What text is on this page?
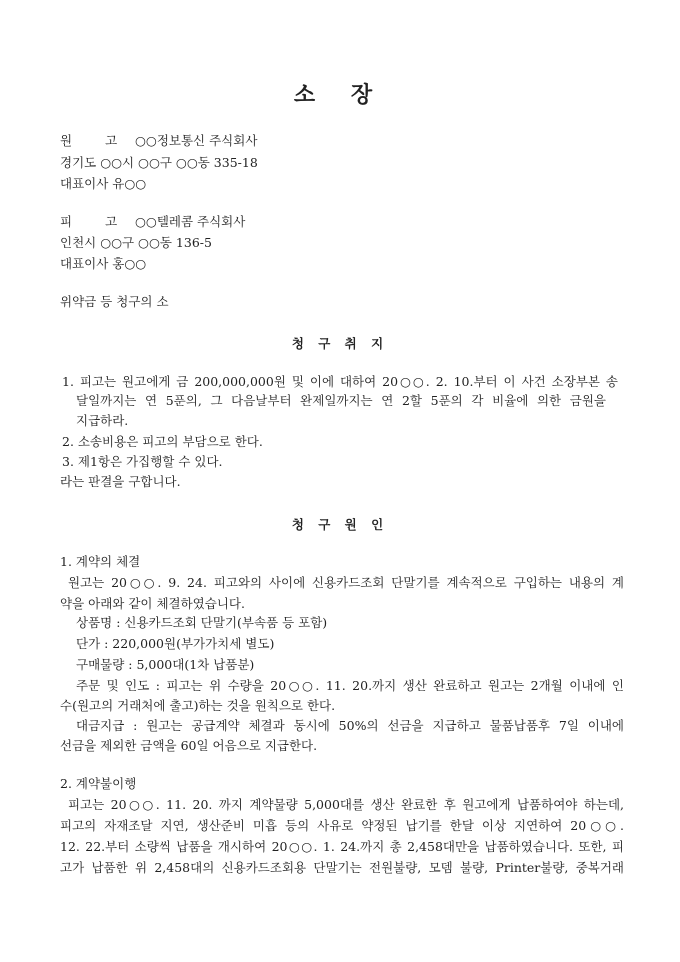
소 장
원	고 ○○정보통신 주식회사
경기도 ○○시 ○○구 ○○동 335-18
대표이사 유○○
피	고 ○○텔레콤 주식회사
인천시 ○○구 ○○동 136-5
대표이사 홍○○
위약금 등 청구의 소
청 구 취 지
1. 피고는 원고에게 금 200,000,000원 및 이에 대하여 20○○. 2. 10.부터 이 사건 소장부본 송
달일까지는 연 5푼의, 그 다음날부터 완제일까지는 연 2할 5푼의 각 비율에 의한 금원을
지급하라.
2. 소송비용은 피고의 부담으로 한다.
3. 제1항은 가집행할 수 있다.
라는 판결을 구합니다.
청 구 원 인
1. 계약의 체결
원고는 20○○. 9. 24. 피고와의 사이에 신용카드조회 단말기를 계속적으로 구입하는 내용의 계
약을 아래와 같이 체결하였습니다.
상품명 : 신용카드조회 단말기(부속품 등 포함)
단가 : 220,000원(부가가치세 별도)
구매물량 : 5,000대(1차 납품분)
주문 및 인도 : 피고는 위 수량을 20○○. 11. 20.까지 생산 완료하고 원고는 2개월 이내에 인
수(원고의 거래처에 출고)하는 것을 원칙으로 한다.
대금지급 : 원고는 공급계약 체결과 동시에 50%의 선금을 지급하고 물품납품후 7일 이내에
선금을 제외한 금액을 60일 어음으로 지급한다.
2. 계약불이행
피고는 20○○. 11. 20. 까지 계약물량 5,000대를 생산 완료한 후 원고에게 납품하여야 하는데,
피고의 자재조달 지연, 생산준비 미흡 등의 사유로 약정된 납기를 한달 이상 지연하여 20○○.
12. 22.부터 소량씩 납품을 개시하여 20○○. 1. 24.까지 총 2,458대만을 납품하였습니다. 또한, 피
고가 납품한 위 2,458대의 신용카드조회용 단말기는 전원불량, 모뎀 불량, Printer불량, 중복거래
